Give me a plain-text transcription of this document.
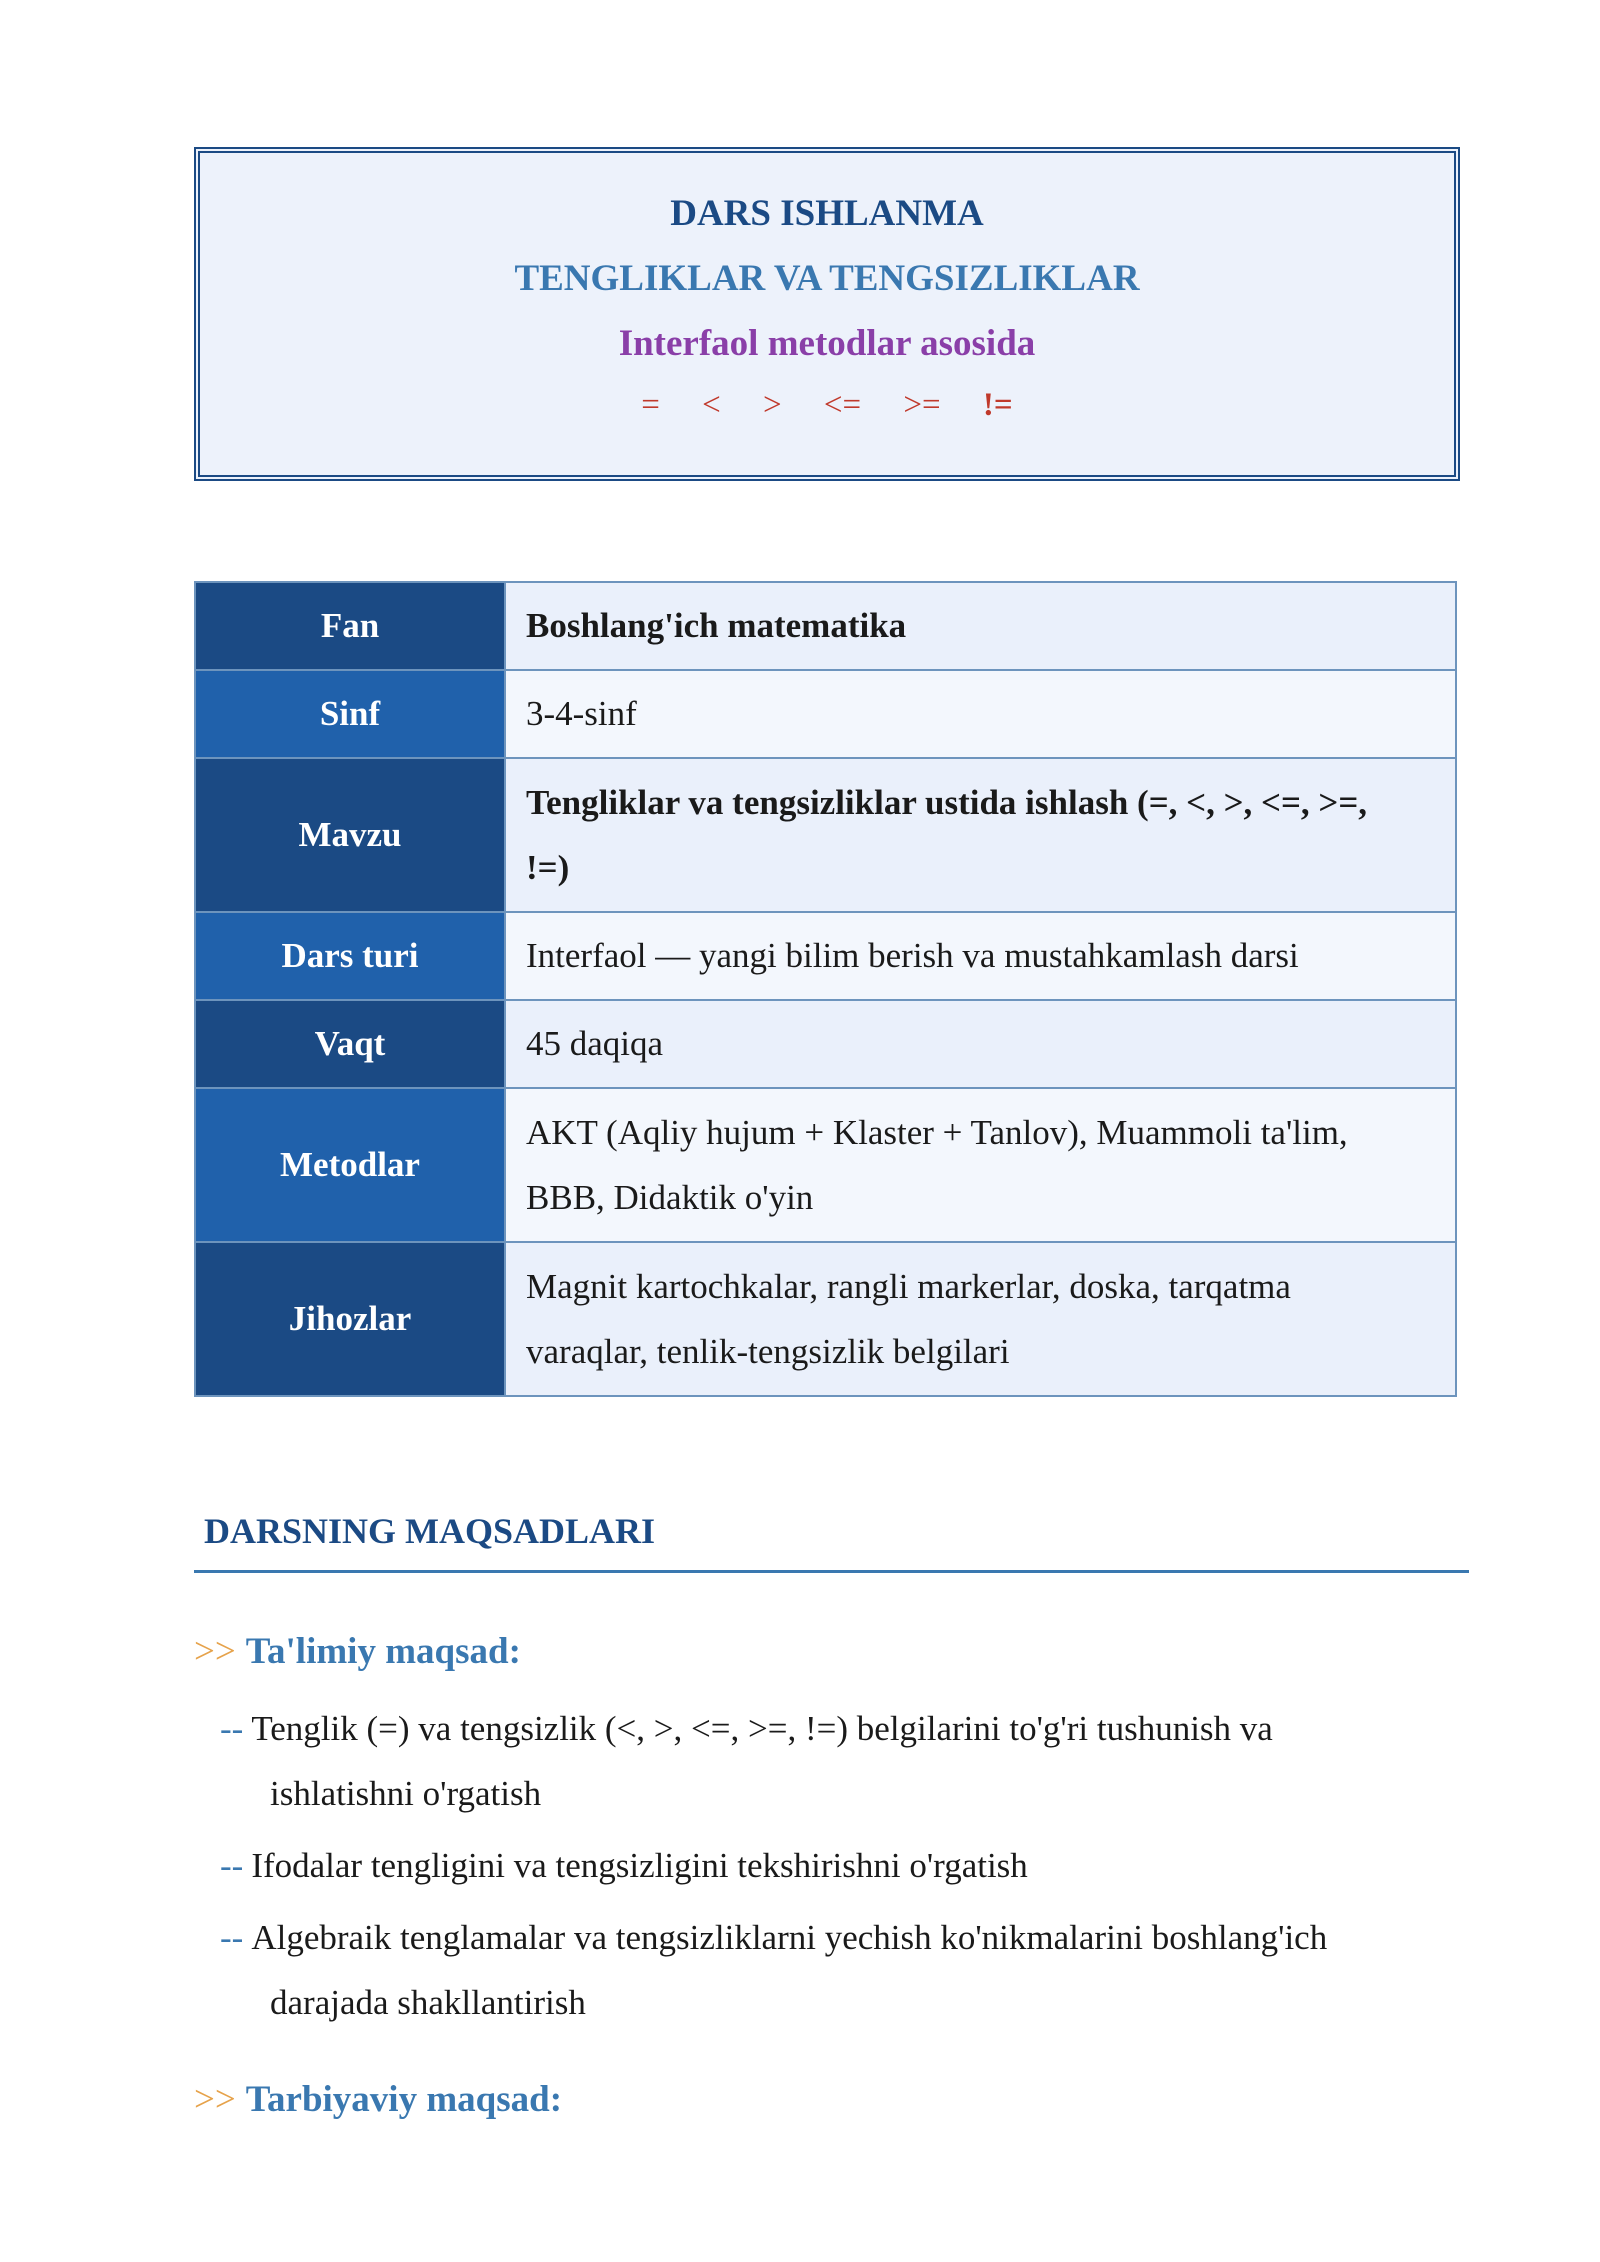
DARS ISHLANMA
TENGLIKLAR VA TENGSIZLIKLAR
Interfaol metodlar asosida
= < > <= >= !=
Fan	Boshlang'ich matematika
Sinf	3-4-sinf
Mavzu	Tengliklar va tengsizliklar ustida ishlash (=, <, >, <=, >=,
!=)
Dars turi	Interfaol — yangi bilim berish va mustahkamlash darsi
Vaqt	45 daqiqa
Metodlar	AKT (Aqliy hujum + Klaster + Tanlov), Muammoli ta'lim,
BBB, Didaktik o'yin
Jihozlar	Magnit kartochkalar, rangli markerlar, doska, tarqatma
varaqlar, tenlik-tengsizlik belgilari
DARSNING MAQSADLARI
>> Ta'limiy maqsad:
-- Tenglik (=) va tengsizlik (<, >, <=, >=, !=) belgilarini to'g'ri tushunish va
ishlatishni o'rgatish
-- Ifodalar tengligini va tengsizligini tekshirishni o'rgatish
-- Algebraik tenglamalar va tengsizliklarni yechish ko'nikmalarini boshlang'ich
darajada shakllantirish
>> Tarbiyaviy maqsad:
